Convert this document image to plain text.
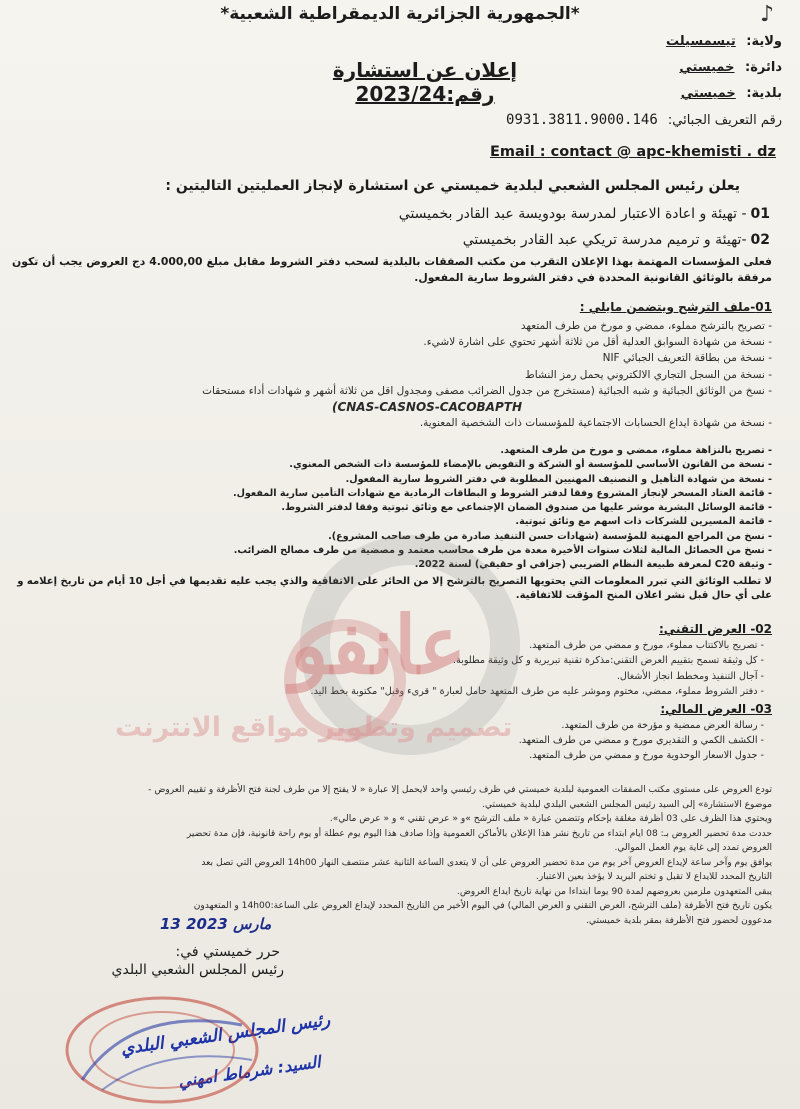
♪
*الجمهورية الجزائرية الديمقراطية الشعبية*
ولاية: تيسمسيلت
دائرة: خميستي
بلدية: خميستي
إعلان عن استشارة رقم:2023/24
رقم التعريف الجبائي: 0931.3811.9000.146
Email : contact @ apc-khemisti . dz
يعلن رئيس المجلس الشعبي لبلدية خميستي عن استشارة لإنجاز العمليتين التاليتين :
01- تهيئة و اعادة الاعتبار لمدرسة بودويسة عبد القادر بخميستي
02-تهيئة و ترميم مدرسة تريكي عبد القادر بخميستي
فعلى المؤسسات المهتمة بهذا الإعلان التقرب من مكتب الصفقات بالبلدية لسحب دفتر الشروط مقابل مبلغ 4.000,00 دج العروض يجب أن تكون مرفقة بالوثائق القانونية المحددة في دفتر الشروط سارية المفعول.
01-ملف الترشح ويتضمن مايلي :
- تصريح بالترشح مملوء، ممضي و مورخ من طرف المتعهد
- نسخة من شهادة السوابق العدلية أقل من ثلاثة أشهر تحتوي على اشارة لاشيء.
- نسخة من بطاقة التعريف الجبائي NIF
- نسخة من السجل التجاري الالكتروني يحمل رمز النشاط
- نسخ من الوثائق الجبائية و شبه الجبائية (مستخرج من جدول الضرائب مصفى ومجدول اقل من ثلاثة أشهر و شهادات أداء مستحقات
(CNAS-CASNOS-CACOBAPTH
- نسخة من شهادة ايداع الحسابات الاجتماعية للمؤسسات ذات الشخصية المعنوية.
- تصريح بالنزاهة مملوء، ممضي و مورخ من طرف المتعهد.
- نسخة من القانون الأساسي للمؤسسة أو الشركة و التفويض بالإمضاء للمؤسسة ذات الشخص المعنوي.
- نسخة من شهادة التأهيل و التصنيف المهنيين المطلوبة في دفتر الشروط سارية المفعول.
- قائمة العتاد المسخر لإنجاز المشروع وفقا لدفتر الشروط و البطاقات الرمادية مع شهادات التأمين سارية المفعول.
- قائمة الوسائل البشرية موشر عليها من صندوق الضمان الإجتماعي مع وثائق ثبوتية وفقا لدفتر الشروط.
- قائمة المسيرين للشركات ذات اسهم مع وثائق ثبوتية.
- نسخ من المراجع المهنية للمؤسسة (شهادات حسن التنفيذ صادرة من طرف صاحب المشروع).
- نسخ من الحصائل المالية لثلاث سنوات الأخيرة معدة من طرف محاسب معتمد و مصضية من طرف مصالح الضرائب.
- وثيقة C20 لمعرفة طبيعة النظام الضريبي (جزافي او حقيقي) لسنة 2022.
لا تطلب الوثائق التي تبرر المعلومات التي يحتويها التصريح بالترشح إلا من الحائز على الاتفاقية والذي يجب عليه تقديمها في أجل 10 أيام من تاريخ إعلامه و على أي حال قبل نشر اعلان المنح المؤقت للاتفاقية.
02- العرض التقني:
- تصريح بالاكتتاب مملوء، مورخ و ممضي من طرف المتعهد.
- كل وثيقة تسمح بتقييم العرض التقني:مذكرة تقنية تبريرية و كل وثيقة مطلوبة.
- آجال التنفيذ ومخطط انجاز الأشغال.
- دفتر الشروط مملوء، ممضي، مختوم وموشر عليه من طرف المتعهد حامل لعبارة " قرىء وقبل" مكتوبة بخط اليد.
03- العرض المالي:
- رسالة العرض ممضية و مؤرخة من طرف المتعهد.
- الكشف الكمي و التقديري مورخ و ممضي من طرف المتعهد.
- جدول الاسعار الوحدوية مورخ و ممضي من طرف المتعهد.

تودع العروض على مستوى مكتب الصفقات العمومية لبلدية خميستي في ظرف رئيسي واحد لايحمل إلا عبارة « لا يفتح إلا من طرف لجنة فتح الأظرفة و تقييم العروض -

موضوع الاستشارة» إلى السيد رئيس المجلس الشعبي البلدي لبلدية خميستي.

ويحتوي هذا الظرف على 03 أظرفة مغلقة بإحكام وتتضمن عبارة « ملف الترشح »و « عرض تقني » و « عرض مالي».

حددت مدة تحضير العروض بـ: 08 ايام ابتداء من تاريخ نشر هذا الإعلان بالأماكن العمومية وإذا صادف هذا اليوم يوم عطلة أو يوم راحة قانونية، فإن مدة تحضير

العروض تمدد إلى غاية يوم العمل الموالي.

يوافق يوم وآخر ساعة لإيداع العروض آخر يوم من مدة تحضير العروض على أن لا يتعدى الساعة الثانية عشر منتصف النهار 14h00 العروض التي تصل بعد

التاريخ المحدد للايداع لا تقبل و تختم البريد لا يؤخذ بعين الاعتبار.

يبقى المتعهدون ملزمين بعروضهم لمدة 90 يوما ابتداءا من نهاية تاريخ ايداع العروض.

يكون تاريخ فتح الأظرفة (ملف الترشح، العرض التقني و العرض المالي) في اليوم الأخير من التاريخ المحدد لإيداع العروض على الساعة:14h00 و المتعهدون

مدعوون لحضور فتح الأظرفة بمقر بلدية خميستي.

13 مارس 2023
حرر خميستي في:
رئيس المجلس الشعبي البلدي
رئيس المجلس الشعبي البلدي
السيد: شرماط امهني
عانفو
تصميم وتطوير مواقع الانترنت
